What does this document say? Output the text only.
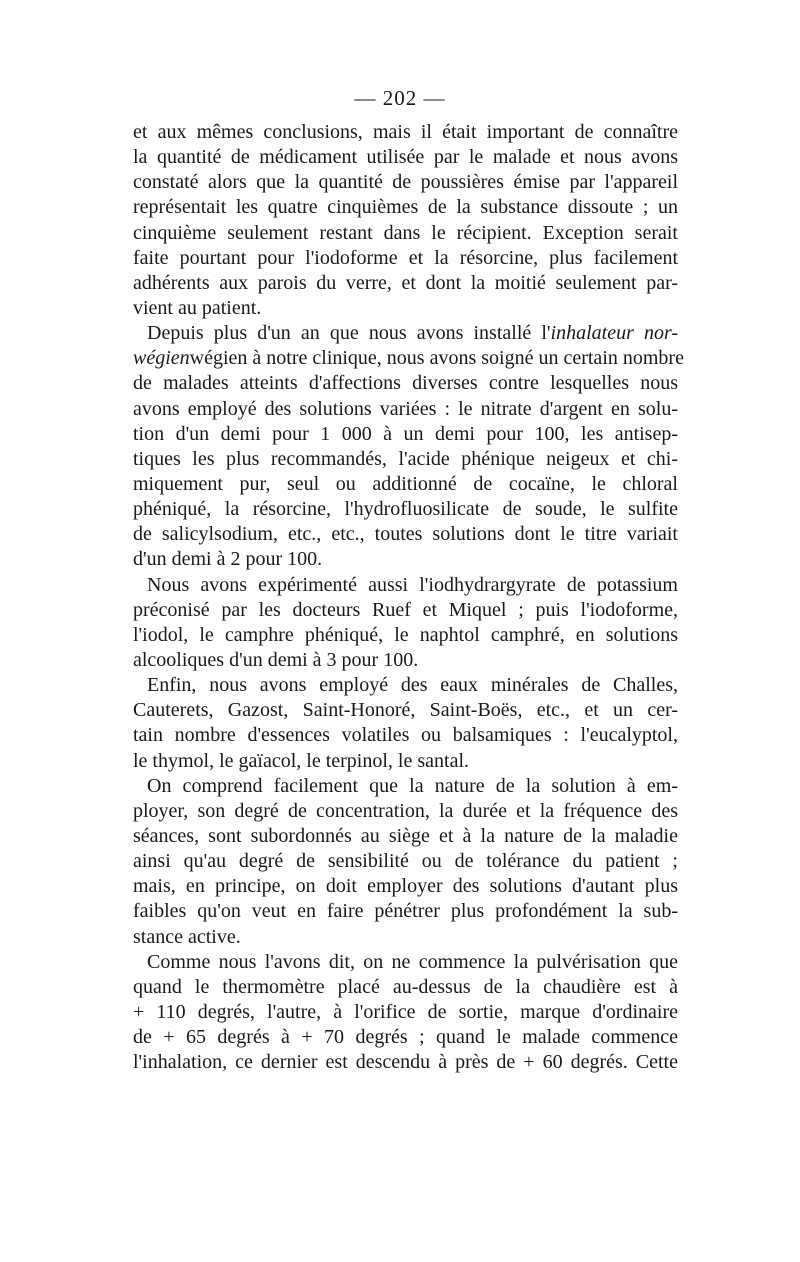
— 202 —
et aux mêmes conclusions, mais il était important de connaître
la quantité de médicament utilisée par le malade et nous avons
constaté alors que la quantité de poussières émise par l'appareil
représentait les quatre cinquièmes de la substance dissoute ; un
cinquième seulement restant dans le récipient. Exception serait
faite pourtant pour l'iodoforme et la résorcine, plus facilement
adhérents aux parois du verre, et dont la moitié seulement par-
vient au patient.
Depuis plus d'un an que nous avons installé l'inhalateur nor-
wégienwégien à notre clinique, nous avons soigné un certain nombre
de malades atteints d'affections diverses contre lesquelles nous
avons employé des solutions variées : le nitrate d'argent en solu-
tion d'un demi pour 1 000 à un demi pour 100, les antisep-
tiques les plus recommandés, l'acide phénique neigeux et chi-
miquement pur, seul ou additionné de cocaïne, le chloral
phéniqué, la résorcine, l'hydrofluosilicate de soude, le sulfite
de salicylsodium, etc., etc., toutes solutions dont le titre variait
d'un demi à 2 pour 100.
Nous avons expérimenté aussi l'iodhydrargyrate de potassium
préconisé par les docteurs Ruef et Miquel ; puis l'iodoforme,
l'iodol, le camphre phéniqué, le naphtol camphré, en solutions
alcooliques d'un demi à 3 pour 100.
Enfin, nous avons employé des eaux minérales de Challes,
Cauterets, Gazost, Saint-Honoré, Saint-Boës, etc., et un cer-
tain nombre d'essences volatiles ou balsamiques : l'eucalyptol,
le thymol, le gaïacol, le terpinol, le santal.
On comprend facilement que la nature de la solution à em-
ployer, son degré de concentration, la durée et la fréquence des
séances, sont subordonnés au siège et à la nature de la maladie
ainsi qu'au degré de sensibilité ou de tolérance du patient ;
mais, en principe, on doit employer des solutions d'autant plus
faibles qu'on veut en faire pénétrer plus profondément la sub-
stance active.
Comme nous l'avons dit, on ne commence la pulvérisation que
quand le thermomètre placé au-dessus de la chaudière est à
+ 110 degrés, l'autre, à l'orifice de sortie, marque d'ordinaire
de + 65 degrés à + 70 degrés ; quand le malade commence
l'inhalation, ce dernier est descendu à près de + 60 degrés. Cette
